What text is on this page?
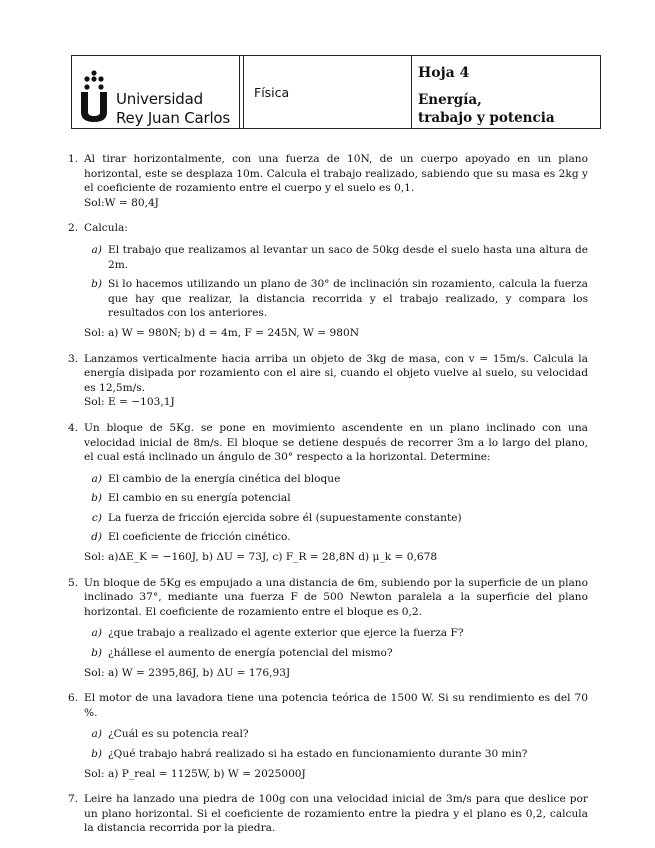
Universidad
Rey Juan Carlos
Física
Hoja 4
Energía,
trabajo y potencia
1. Al tirar horizontalmente, con una fuerza de 10N, de un cuerpo apoyado en un plano horizontal, este se desplaza 10m. Calcula el trabajo realizado, sabiendo que su masa es 2kg y el coeficiente de rozamiento entre el cuerpo y el suelo es 0,1.

Sol:W = 80,4J

2. Calcula:

a) El trabajo que realizamos al levantar un saco de 50kg desde el suelo hasta una altura de 2m.
b) Si lo hacemos utilizando un plano de 30° de inclinación sin rozamiento, calcula la fuerza que hay que realizar, la distancia recorrida y el trabajo realizado, y compara los resultados con los anteriores.

Sol: a) W = 980N; b) d = 4m, F = 245N, W = 980N

3. Lanzamos verticalmente hacia arriba un objeto de 3kg de masa, con v = 15m/s. Calcula la energía disipada por rozamiento con el aire si, cuando el objeto vuelve al suelo, su velocidad es 12,5m/s.

Sol: E = −103,1J

4. Un bloque de 5Kg. se pone en movimiento ascendente en un plano inclinado con una velocidad inicial de 8m/s. El bloque se detiene después de recorrer 3m a lo largo del plano, el cual está inclinado un ángulo de 30° respecto a la horizontal. Determine:

a) El cambio de la energía cinética del bloque
b) El cambio en su energía potencial
c) La fuerza de fricción ejercida sobre él (supuestamente constante)
d) El coeficiente de fricción cinético.

Sol: a)ΔE_K = −160J, b) ΔU = 73J, c) F_R = 28,8N d) μ_k = 0,678

5. Un bloque de 5Kg es empujado a una distancia de 6m, subiendo por la superficie de un plano inclinado 37°, mediante una fuerza F de 500 Newton paralela a la superficie del plano horizontal. El coeficiente de rozamiento entre el bloque es 0,2.

a) ¿que trabajo a realizado el agente exterior que ejerce la fuerza F?
b) ¿hállese el aumento de energía potencial del mismo?

Sol: a) W = 2395,86J, b) ΔU = 176,93J

6. El motor de una lavadora tiene una potencia teórica de 1500 W. Si su rendimiento es del 70 %.

a) ¿Cuál es su potencia real?
b) ¿Qué trabajo habrá realizado si ha estado en funcionamiento durante 30 min?

Sol: a) P_real = 1125W, b) W = 2025000J

7. Leire ha lanzado una piedra de 100g con una velocidad inicial de 3m/s para que deslice por un plano horizontal. Si el coeficiente de rozamiento entre la piedra y el plano es 0,2, calcula la distancia recorrida por la piedra.
